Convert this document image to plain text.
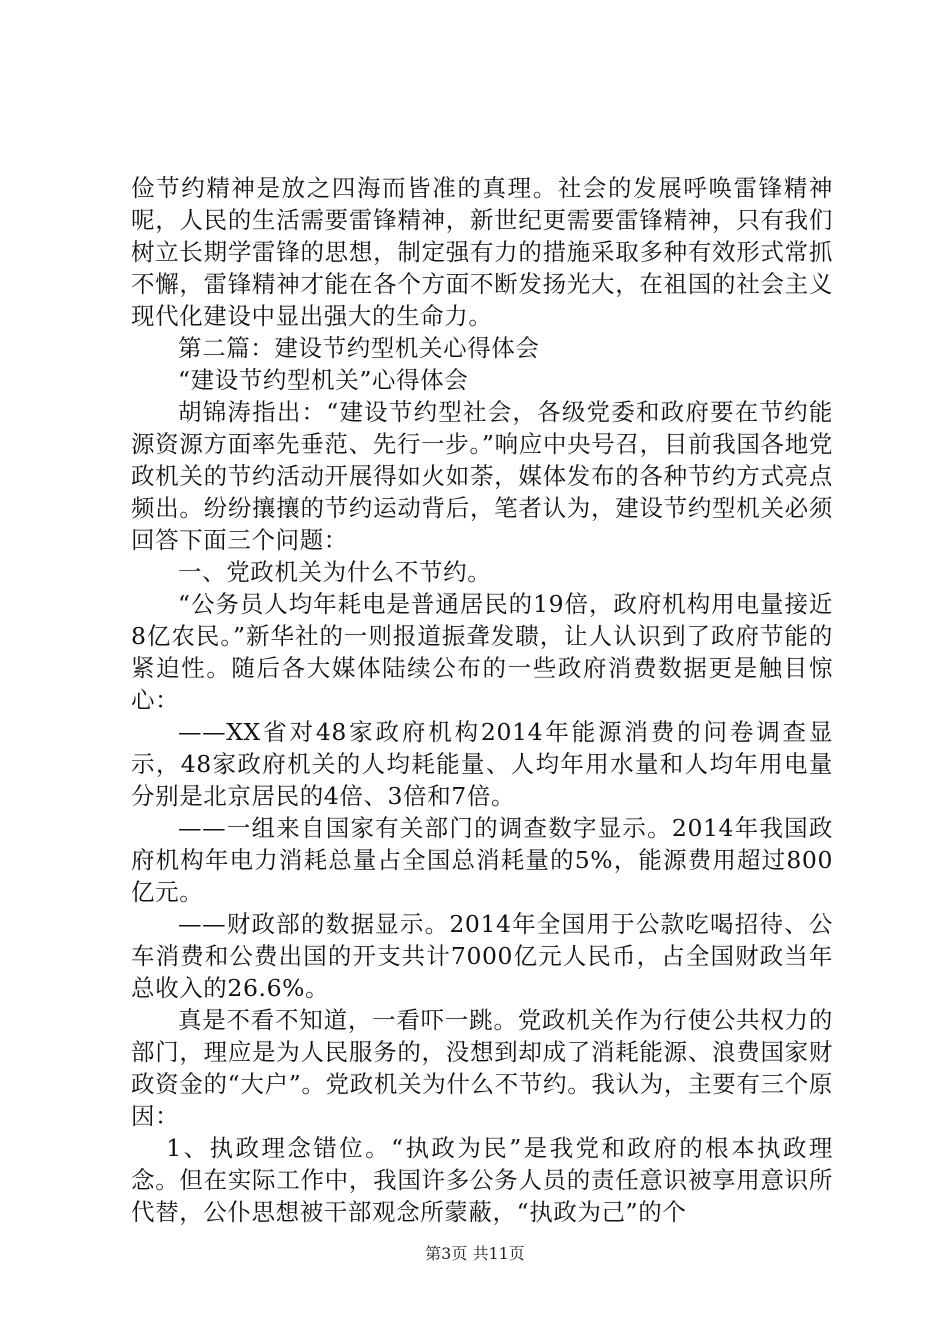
俭节约精神是放之四海而皆准的真理。社会的发展呼唤雷锋精神呢，人民的生活需要雷锋精神，新世纪更需要雷锋精神，只有我们树立长期学雷锋的思想，制定强有力的措施采取多种有效形式常抓不懈，雷锋精神才能在各个方面不断发扬光大，在祖国的社会主义现代化建设中显出强大的生命力。

第二篇：建设节约型机关心得体会

“建设节约型机关”心得体会

胡锦涛指出：“建设节约型社会，各级党委和政府要在节约能源资源方面率先垂范、先行一步。”响应中央号召，目前我国各地党政机关的节约活动开展得如火如荼，媒体发布的各种节约方式亮点频出。纷纷攘攘的节约运动背后，笔者认为，建设节约型机关必须回答下面三个问题：

一、党政机关为什么不节约。

“公务员人均年耗电是普通居民的19倍，政府机构用电量接近8亿农民。”新华社的一则报道振聋发聩，让人认识到了政府节能的紧迫性。随后各大媒体陆续公布的一些政府消费数据更是触目惊心：

——XX省对48家政府机构2014年能源消费的问卷调查显示，48家政府机关的人均耗能量、人均年用水量和人均年用电量分别是北京居民的4倍、3倍和7倍。

——一组来自国家有关部门的调查数字显示。2014年我国政府机构年电力消耗总量占全国总消耗量的5%，能源费用超过800亿元。

——财政部的数据显示。2014年全国用于公款吃喝招待、公车消费和公费出国的开支共计7000亿元人民币，占全国财政当年总收入的26.6%。

真是不看不知道，一看吓一跳。党政机关作为行使公共权力的部门，理应是为人民服务的，没想到却成了消耗能源、浪费国家财政资金的“大户”。党政机关为什么不节约。我认为，主要有三个原因：

1、执政理念错位。“执政为民”是我党和政府的根本执政理念。但在实际工作中，我国许多公务人员的责任意识被享用意识所代替，公仆思想被干部观念所蒙蔽，“执政为己”的个

第3页 共11页
